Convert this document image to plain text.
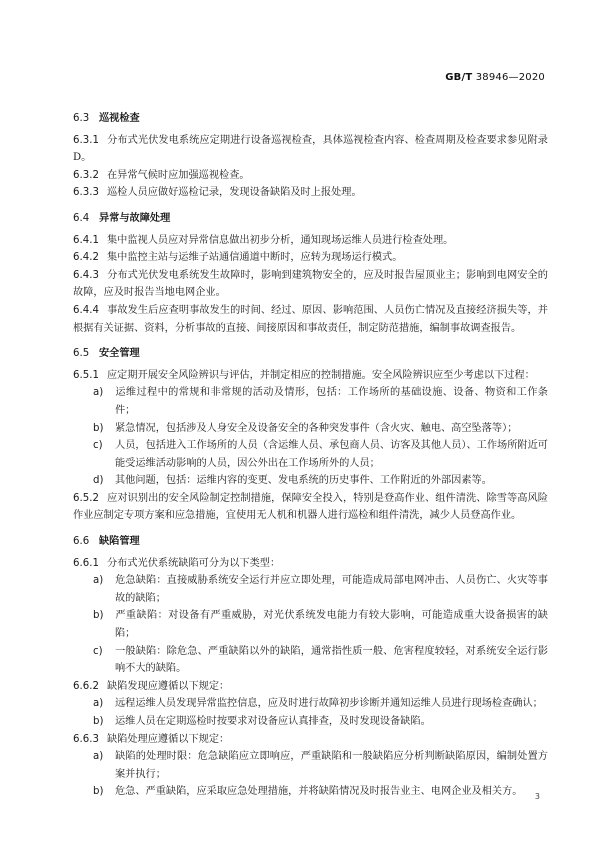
GB/T 38946—2020
6.3 巡视检查

6.3.1 分布式光伏发电系统应定期进行设备巡视检查，具体巡视检查内容、检查周期及检查要求参见附录D。

6.3.2 在异常气候时应加强巡视检查。

6.3.3 巡检人员应做好巡检记录，发现设备缺陷及时上报处理。

6.4 异常与故障处理

6.4.1 集中监视人员应对异常信息做出初步分析，通知现场运维人员进行检查处理。

6.4.2 集中监控主站与运维子站通信通道中断时，应转为现场运行模式。

6.4.3 分布式光伏发电系统发生故障时，影响到建筑物安全的，应及时报告屋顶业主；影响到电网安全的故障，应及时报告当地电网企业。

6.4.4 事故发生后应查明事故发生的时间、经过、原因、影响范围、人员伤亡情况及直接经济损失等，并根据有关证据、资料，分析事故的直接、间接原因和事故责任，制定防范措施，编制事故调查报告。

6.5 安全管理

6.5.1 应定期开展安全风险辨识与评估，并制定相应的控制措施。安全风险辨识应至少考虑以下过程：

a) 运维过程中的常规和非常规的活动及情形，包括：工作场所的基础设施、设备、物资和工作条件；

b) 紧急情况，包括涉及人身安全及设备安全的各种突发事件（含火灾、触电、高空坠落等）；

c) 人员，包括进入工作场所的人员（含运维人员、承包商人员、访客及其他人员）、工作场所附近可能受运维活动影响的人员，因公外出在工作场所外的人员；

d) 其他问题，包括：运维内容的变更、发电系统的历史事件、工作附近的外部因素等。

6.5.2 应对识别出的安全风险制定控制措施，保障安全投入，特别是登高作业、组件清洗、除雪等高风险作业应制定专项方案和应急措施，宜使用无人机和机器人进行巡检和组件清洗，减少人员登高作业。

6.6 缺陷管理

6.6.1 分布式光伏系统缺陷可分为以下类型：

a) 危急缺陷：直接威胁系统安全运行并应立即处理，可能造成局部电网冲击、人员伤亡、火灾等事故的缺陷；

b) 严重缺陷：对设备有严重威胁，对光伏系统发电能力有较大影响，可能造成重大设备损害的缺陷；

c) 一般缺陷：除危急、严重缺陷以外的缺陷，通常指性质一般、危害程度较轻，对系统安全运行影响不大的缺陷。

6.6.2 缺陷发现应遵循以下规定：

a) 远程运维人员发现异常监控信息，应及时进行故障初步诊断并通知运维人员进行现场检查确认；

b) 运维人员在定期巡检时按要求对设备应认真排查，及时发现设备缺陷。

6.6.3 缺陷处理应遵循以下规定：

a) 缺陷的处理时限：危急缺陷应立即响应，严重缺陷和一般缺陷应分析判断缺陷原因，编制处置方案并执行；

b) 危急、严重缺陷，应采取应急处理措施，并将缺陷情况及时报告业主、电网企业及相关方。	3
